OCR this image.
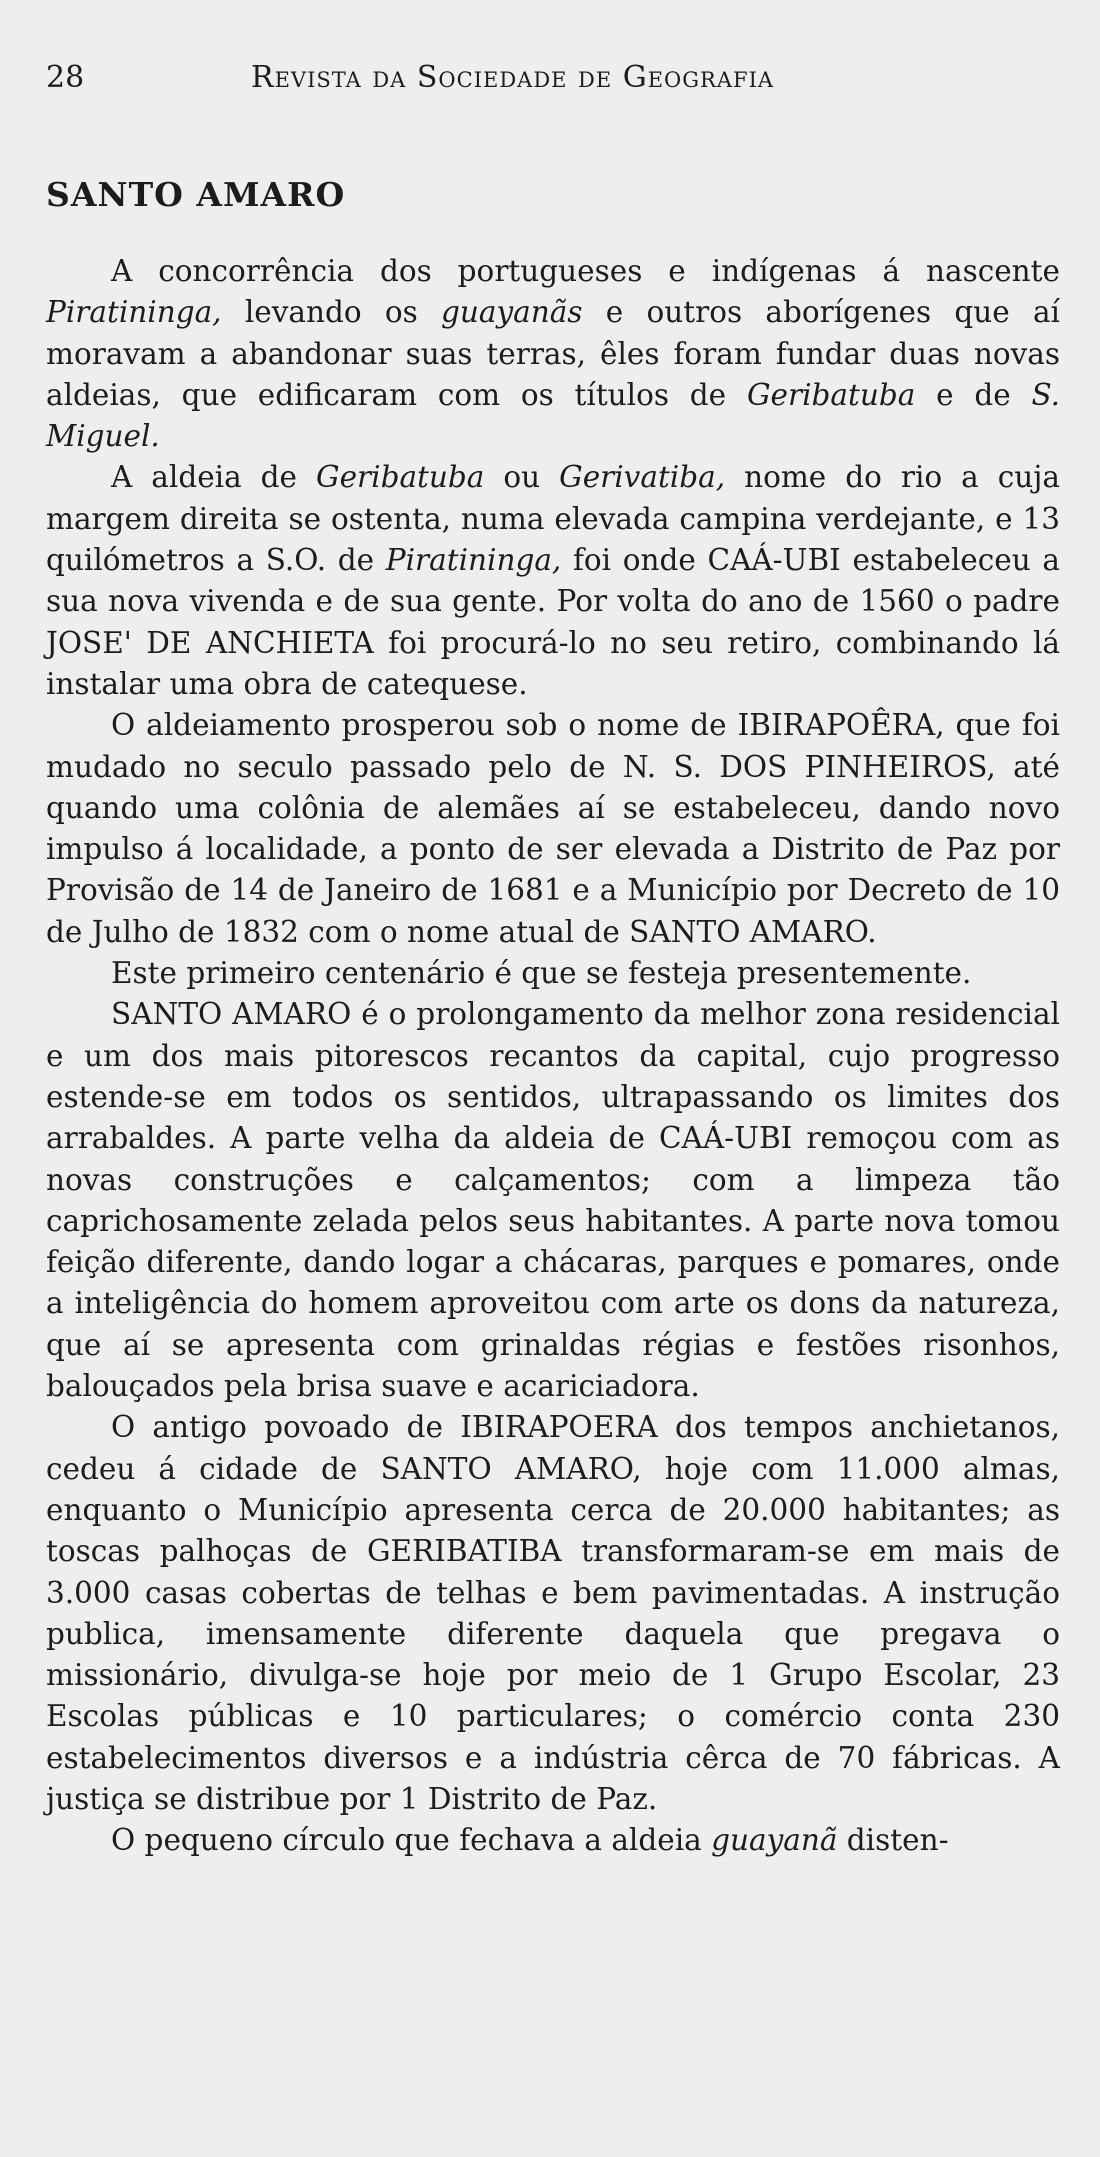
28	Revista da Sociedade de Geografia
SANTO AMARO

A concorrência dos portugueses e indígenas á nascente Piratininga, levando os guayanãs e outros aborígenes que aí moravam a abandonar suas terras, êles foram fundar duas novas aldeias, que edificaram com os títulos de Geribatuba e de S. Miguel.

A aldeia de Geribatuba ou Gerivatiba, nome do rio a cuja margem direita se ostenta, numa elevada campina verdejante, e 13 quilómetros a S.O. de Piratininga, foi onde CAÁ-UBI estabeleceu a sua nova vivenda e de sua gente. Por volta do ano de 1560 o padre JOSE' DE ANCHIETA foi procurá-lo no seu retiro, combinando lá instalar uma obra de catequese.

O aldeiamento prosperou sob o nome de IBIRAPOÊRA, que foi mudado no seculo passado pelo de N. S. DOS PINHEIROS, até quando uma colônia de alemães aí se estabeleceu, dando novo impulso á localidade, a ponto de ser elevada a Distrito de Paz por Provisão de 14 de Janeiro de 1681 e a Município por Decreto de 10 de Julho de 1832 com o nome atual de SANTO AMARO.

Este primeiro centenário é que se festeja presentemente.

SANTO AMARO é o prolongamento da melhor zona residencial e um dos mais pitorescos recantos da capital, cujo progresso estende-se em todos os sentidos, ultrapassando os limites dos arrabaldes. A parte velha da aldeia de CAÁ-UBI remoçou com as novas construções e calçamentos; com a limpeza tão caprichosamente zelada pelos seus habitantes. A parte nova tomou feição diferente, dando logar a chácaras, parques e pomares, onde a inteligência do homem aproveitou com arte os dons da natureza, que aí se apresenta com grinaldas régias e festões risonhos, balouçados pela brisa suave e acariciadora.

O antigo povoado de IBIRAPOERA dos tempos anchietanos, cedeu á cidade de SANTO AMARO, hoje com 11.000 almas, enquanto o Município apresenta cerca de 20.000 habitantes; as toscas palhoças de GERIBATIBA transformaram-se em mais de 3.000 casas cobertas de telhas e bem pavimentadas. A instrução publica, imensamente diferente daquela que pregava o missionário, divulga-se hoje por meio de 1 Grupo Escolar, 23 Escolas públicas e 10 particulares; o comércio conta 230 estabelecimentos diversos e a indústria cêrca de 70 fábricas. A justiça se distribue por 1 Distrito de Paz.

O pequeno círculo que fechava a aldeia guayanã disten-
